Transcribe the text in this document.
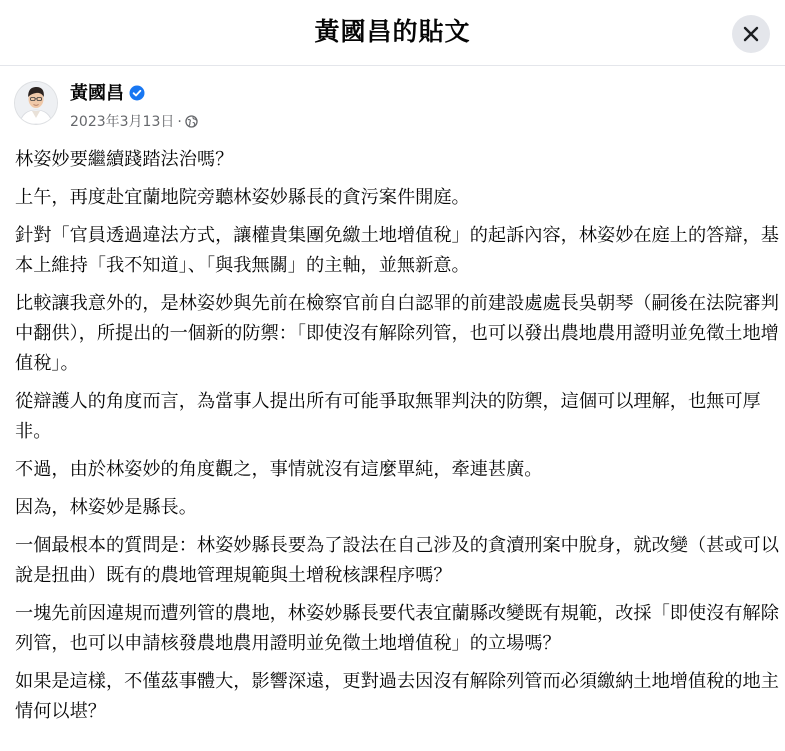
黃國昌的貼文
黃國昌
2023年3月13日 ·

林姿妙要繼續踐踏法治嗎？

上午，再度赴宜蘭地院旁聽林姿妙縣長的貪污案件開庭。

針對「官員透過違法方式，讓權貴集團免繳土地增值稅」的起訴內容，林姿妙在庭上的答辯，基本上維持「我不知道」、「與我無關」的主軸，並無新意。

比較讓我意外的，是林姿妙與先前在檢察官前自白認罪的前建設處處長吳朝琴（嗣後在法院審判中翻供），所提出的一個新的防禦：「即使沒有解除列管，也可以發出農地農用證明並免徵土地增值稅」。

從辯護人的角度而言，為當事人提出所有可能爭取無罪判決的防禦，這個可以理解，也無可厚非。

不過，由於林姿妙的角度觀之，事情就沒有這麼單純，牽連甚廣。

因為，林姿妙是縣長。

一個最根本的質問是：林姿妙縣長要為了設法在自己涉及的貪瀆刑案中脫身，就改變（甚或可以說是扭曲）既有的農地管理規範與土增稅核課程序嗎？

一塊先前因違規而遭列管的農地，林姿妙縣長要代表宜蘭縣改變既有規範，改採「即使沒有解除列管，也可以申請核發農地農用證明並免徵土地增值稅」的立場嗎？

如果是這樣，不僅茲事體大，影響深遠，更對過去因沒有解除列管而必須繳納土地增值稅的地主情何以堪？
